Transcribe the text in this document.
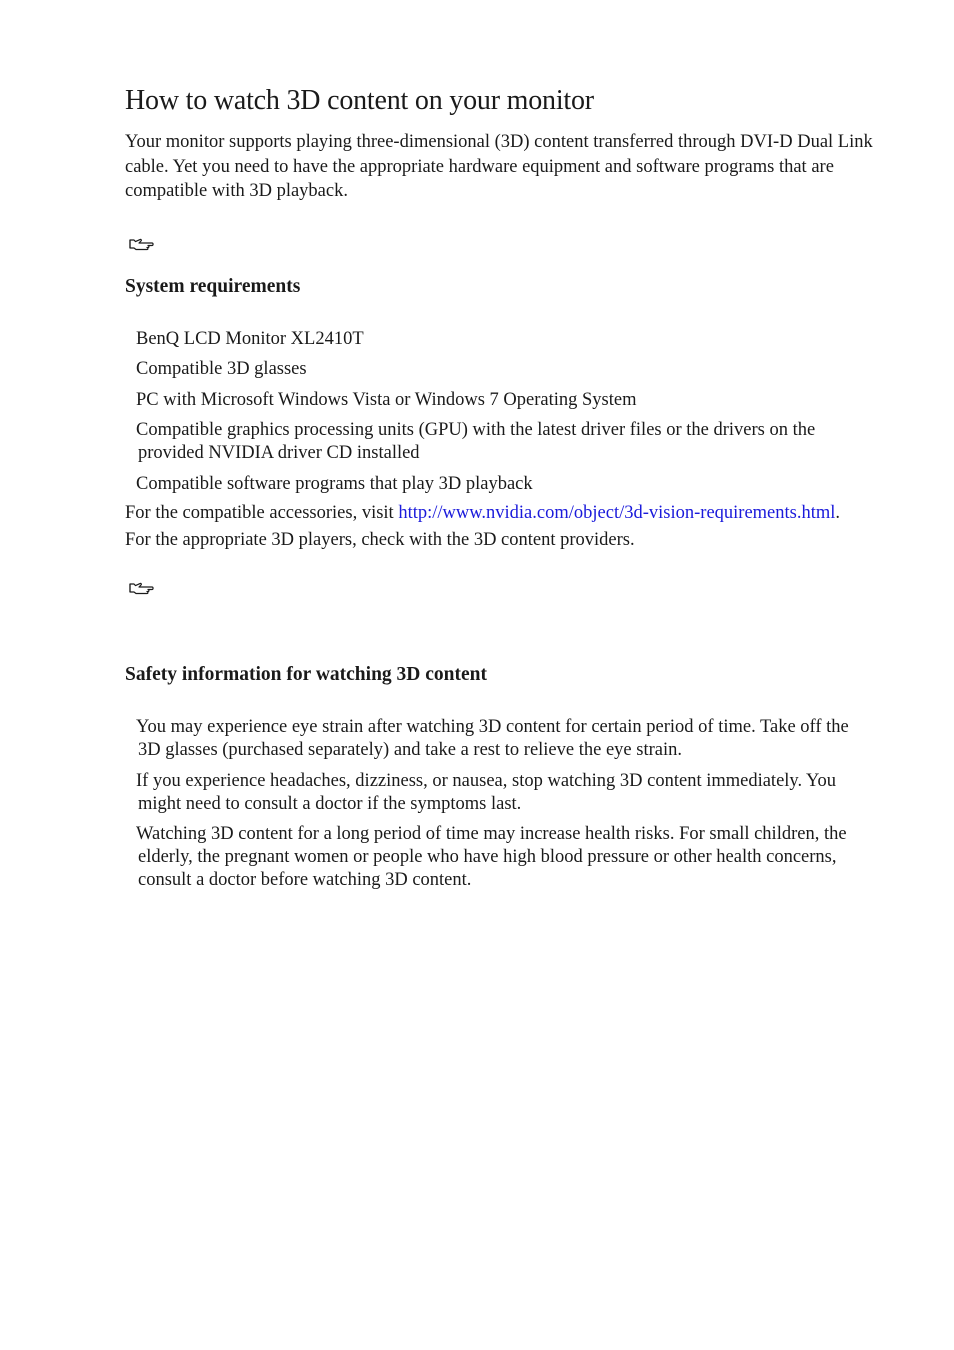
How to watch 3D content on your monitor

Your monitor supports playing three-dimensional (3D) content transferred through DVI-D Dual Link cable. Yet you need to have the appropriate hardware equipment and software programs that are compatible with 3D playback.

System requirements
BenQ LCD Monitor XL2410T
Compatible 3D glasses
PC with Microsoft Windows Vista or Windows 7 Operating System
Compatible graphics processing units (GPU) with the latest driver files or the drivers on the provided NVIDIA driver CD installed
Compatible software programs that play 3D playback

For the compatible accessories, visit http://www.nvidia.com/object/3d-vision-requirements.html.

For the appropriate 3D players, check with the 3D content providers.

Safety information for watching 3D content
You may experience eye strain after watching 3D content for certain period of time. Take off the 3D glasses (purchased separately) and take a rest to relieve the eye strain.
If you experience headaches, dizziness, or nausea, stop watching 3D content immediately. You might need to consult a doctor if the symptoms last.
Watching 3D content for a long period of time may increase health risks. For small children, the elderly, the pregnant women or people who have high blood pressure or other health concerns, consult a doctor before watching 3D content.
